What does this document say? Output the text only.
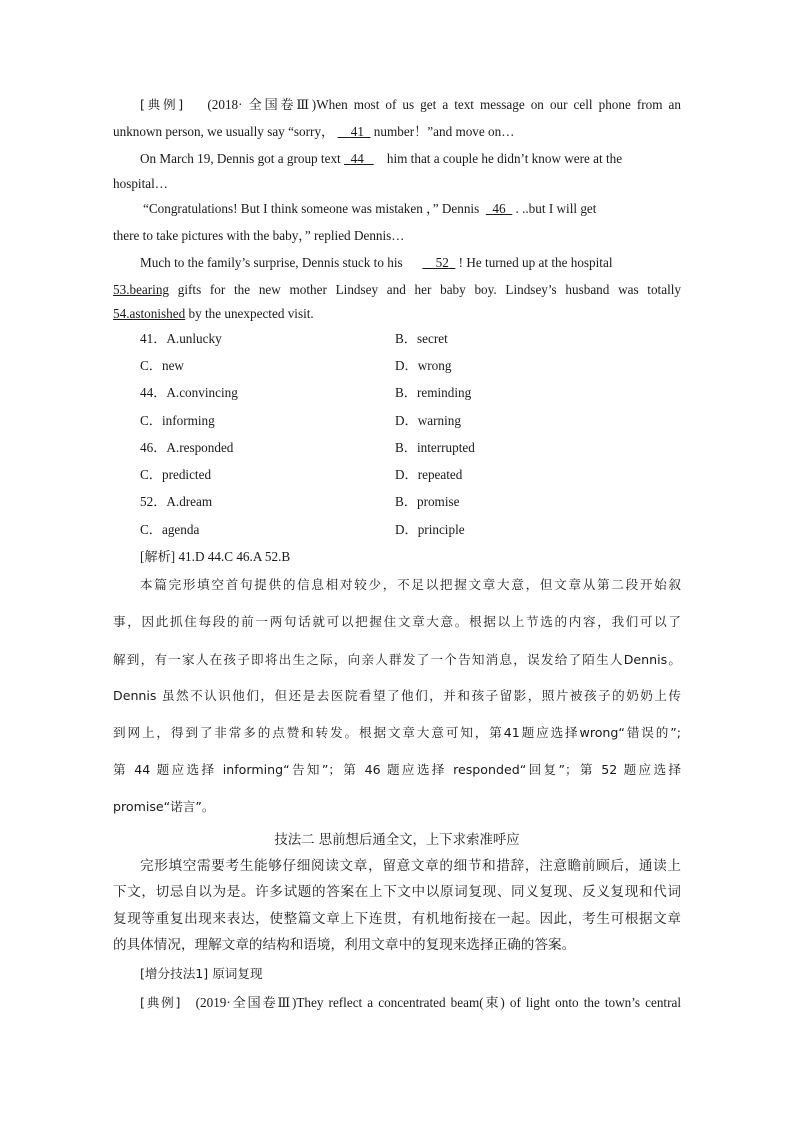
[典例] (2018· 全国卷Ⅲ)When most of us get a text message on our cell phone from an
unknown person, we usually say “sorry， 41 number！”and move on…
On March 19, Dennis got a group text 44 him that a couple he didn’t know were at the
hospital…
“Congratulations! But I think someone was mistaken ，” Dennis 46 . ..but I will get
there to take pictures with the baby，” replied Dennis…
Much to the family’s surprise, Dennis stuck to his 52 ! He turned up at the hospital
53.bearing gifts for the new mother Lindsey and her baby boy. Lindsey’s husband was totally
54.astonished by the unexpected visit.
41．A.unlucky	B．secret
C．new	D．wrong
44．A.convincing	B．reminding
C．informing	D．warning
46．A.responded	B．interrupted
C．predicted	D．repeated
52．A.dream	B．promise
C．agenda	D．principle
[解析] 41.D 44.C 46.A 52.B
本篇完形填空首句提供的信息相对较少，不足以把握文章大意，但文章从第二段开始叙
事，因此抓住每段的前一两句话就可以把握住文章大意。根据以上节选的内容，我们可以了
解到，有一家人在孩子即将出生之际，向亲人群发了一个告知消息，误发给了陌生人Dennis。
Dennis 虽然不认识他们，但还是去医院看望了他们，并和孩子留影，照片被孩子的奶奶上传
到网上，得到了非常多的点赞和转发。根据文章大意可知，第41题应选择wrong“错误的”;
第 44 题应选择 informing“告知”；第 46 题应选择 responded“回复”；第 52 题应选择
promise“诺言”。
技法二 思前想后通全文，上下求索准呼应
完形填空需要考生能够仔细阅读文章，留意文章的细节和措辞，注意瞻前顾后，通读上
下文，切忌自以为是。许多试题的答案在上下文中以原词复现、同义复现、反义复现和代词
复现等重复出现来表达，使整篇文章上下连贯，有机地衔接在一起。因此，考生可根据文章
的具体情况，理解文章的结构和语境，利用文章中的复现来选择正确的答案。
[增分技法1] 原词复现
[典例] (2019·全国卷Ⅲ)They reflect a concentrated beam(束) of light onto the town’s central
